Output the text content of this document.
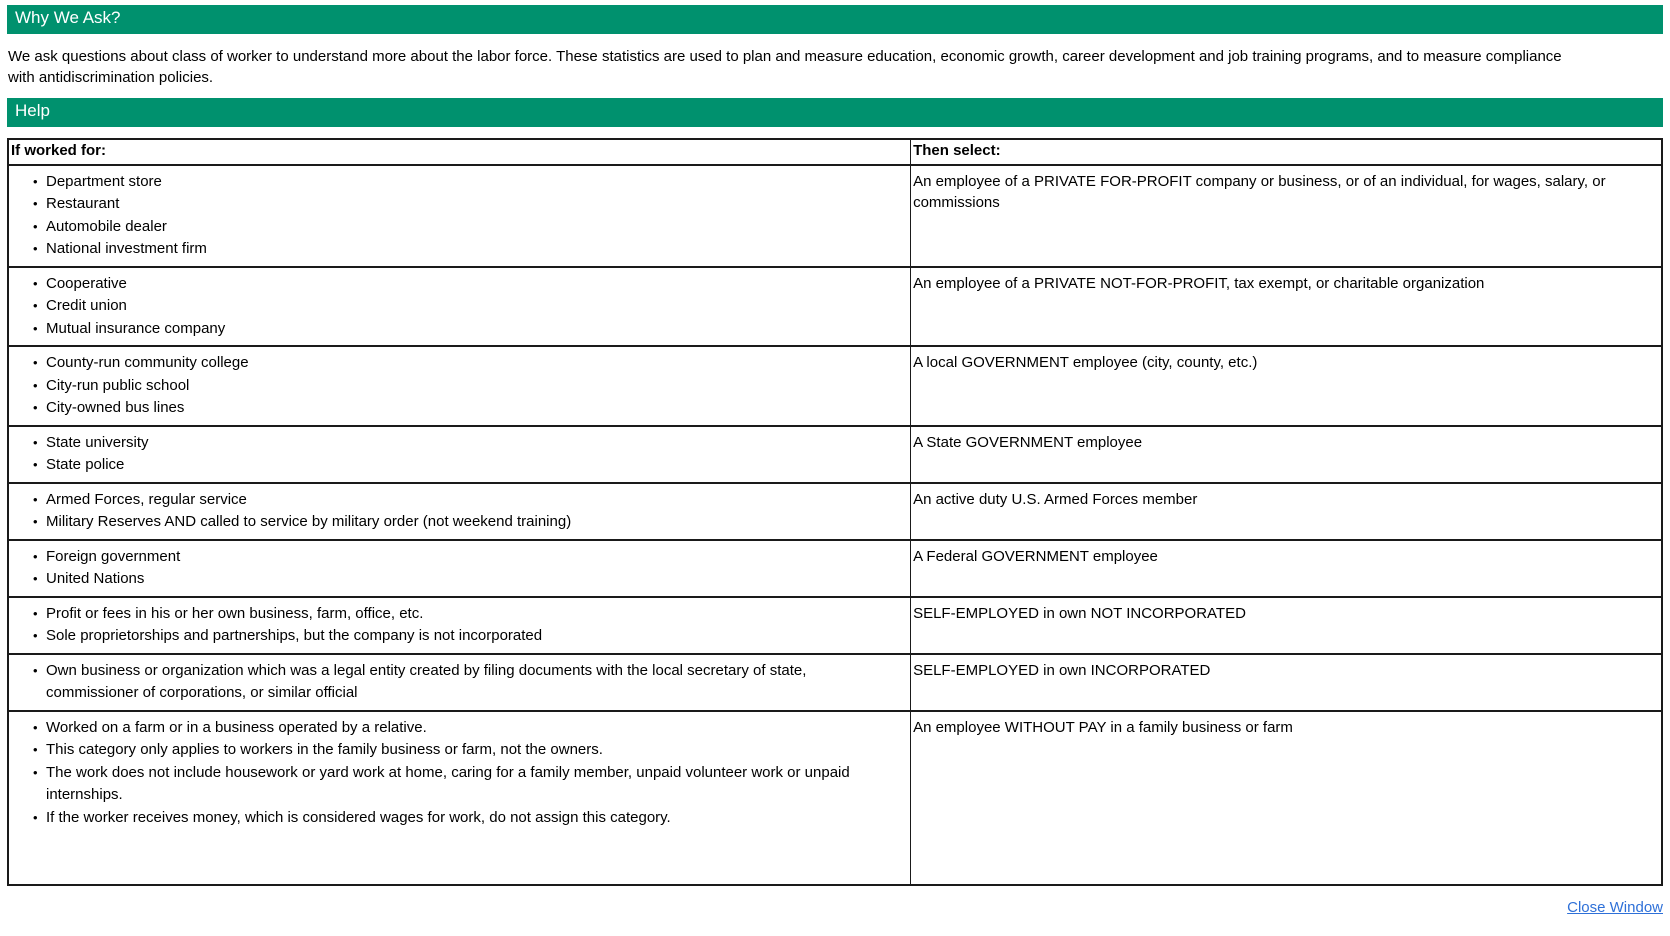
Why We Ask?

We ask questions about class of worker to understand more about the labor force. These statistics are used to plan and measure education, economic growth, career development and job training programs, and to measure compliance with antidiscrimination policies.

Help
If worked for:	Then select:

• Department store
• Restaurant
• Automobile dealer
• National investment firm
	An employee of a PRIVATE FOR-PROFIT company or business, or of an individual, for wages, salary, or commissions

• Cooperative
• Credit union
• Mutual insurance company
	An employee of a PRIVATE NOT-FOR-PROFIT, tax exempt, or charitable organization

• County-run community college
• City-run public school
• City-owned bus lines
	A local GOVERNMENT employee (city, county, etc.)

• State university
• State police
	A State GOVERNMENT employee

• Armed Forces, regular service
• Military Reserves AND called to service by military order (not weekend training)
	An active duty U.S. Armed Forces member

• Foreign government
• United Nations
	A Federal GOVERNMENT employee

• Profit or fees in his or her own business, farm, office, etc.
• Sole proprietorships and partnerships, but the company is not incorporated
	SELF-EMPLOYED in own NOT INCORPORATED

• Own business or organization which was a legal entity created by filing documents with the local secretary of state, commissioner of corporations, or similar official
	SELF-EMPLOYED in own INCORPORATED

• Worked on a farm or in a business operated by a relative.
• This category only applies to workers in the family business or farm, not the owners.
• The work does not include housework or yard work at home, caring for a family member, unpaid volunteer work or unpaid internships.
• If the worker receives money, which is considered wages for work, do not assign this category.
	An employee WITHOUT PAY in a family business or farm
Close Window
